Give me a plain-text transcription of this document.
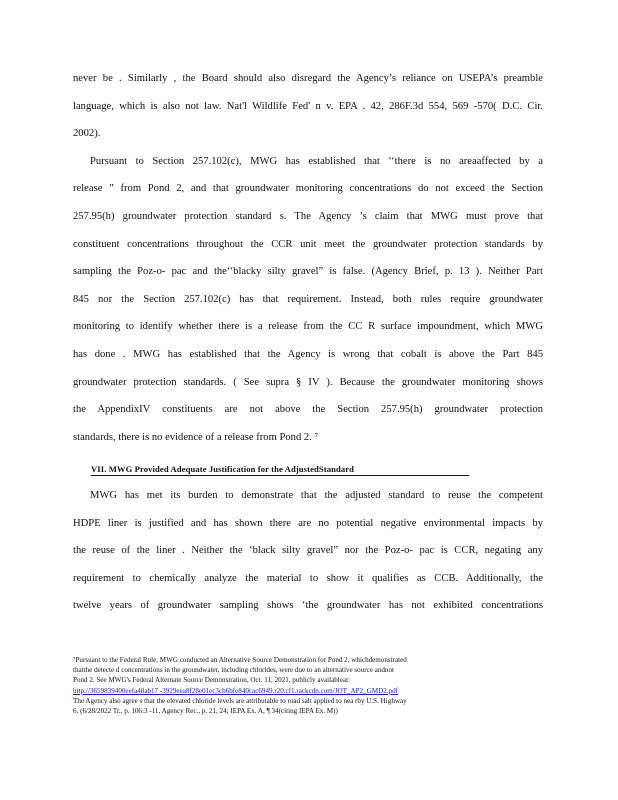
never be . Similarly , the Board should also disregard the Agency’s reliance on USEPA’s preamble
language, which is also not law. Nat'l Wildlife Fed' n v. EPA . 42, 286F.3d 554, 569 -570( D.C. Cir.
2002).
Pursuant to Section 257.102(c), MWG has established that ‘‘there is no areaaffected by a
release ” from Pond 2, and that groundwater monitoring concentrations do not exceed the Section
257.95(h) groundwater protection standard s. The Agency ’s claim that MWG must prove that
constituent concentrations throughout the CCR unit meet the groundwater protection standards by
sampling the Poz-o- pac and the‘‘blacky silty gravel” is false. (Agency Brief, p. 13 ). Neither Part
845 nor the Section 257.102(c) has that requirement. Instead, both rules require groundwater
monitoring to identify whether there is a release from the CC R surface impoundment, which MWG
has done . MWG has established that the Agency is wrong that cobalt is above the Part 845
groundwater protection standards. ( See supra § IV ). Because the groundwater monitoring shows
the AppendixIV constituents are not above the Section 257.95(h) groundwater protection
standards, there is no evidence of a release from Pond 2. ⁷
VII. MWG Provided Adequate Justification for the AdjustedStandard
MWG has met its burden to demonstrate that the adjusted standard to reuse the competent
HDPE liner is justified and has shown there are no potential negative environmental impacts by
the reuse of the liner . Neither the ‘black silty gravel” nor the Poz-o- pac is CCR, negating any
requirement to chemically analyze the material to show it qualifies as CCB. Additionally, the
twelve years of groundwater sampling shows ‘the groundwater has not exhibited concentrations
⁷Pursuant to the Federal Rule, MWG conducted an Alternative Source Demonstration for Pond 2, whichdemonstrated
thatthe detecte d concentrations in the groundwater, including chlorides, were due to an alternative source andnot
Pond 2. See MWG's Federal Alternate Source Demonstration, Oct. 11, 2021, publicly availableat:
http://3659839400eefa48ab17 -3929eea8f28e01ec3cb6bfe840cac6949.r20.cf1.rackcdn.com/JOT_AP2_GMD2.pdf
The Agency also agree s that the elevated chloride levels are attributable to road salt applied to nea rby U.S. Highway
6. (6/28/2022 Tr., p. 106:3 -11, Agency Rec., p. 21, 24; IEPA Ex. A, ¶ 34(citing IEPA Ex. M))
